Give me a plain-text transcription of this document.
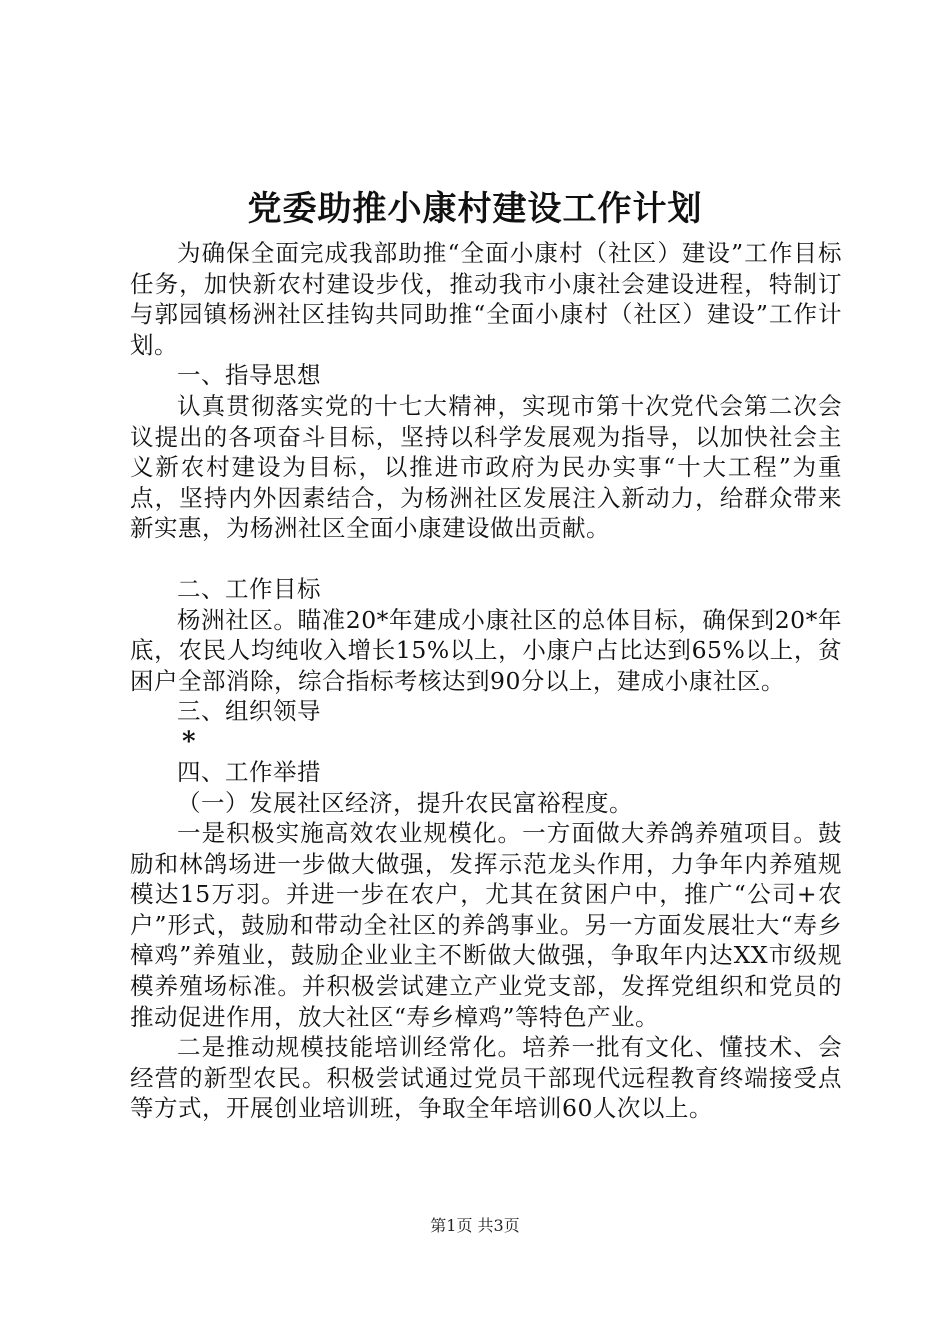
党委助推小康村建设工作计划

为确保全面完成我部助推“全面小康村（社区）建设”工作目标任务，加快新农村建设步伐，推动我市小康社会建设进程，特制订与郭园镇杨洲社区挂钩共同助推“全面小康村（社区）建设”工作计划。

一、指导思想

认真贯彻落实党的十七大精神，实现市第十次党代会第二次会议提出的各项奋斗目标，坚持以科学发展观为指导，以加快社会主义新农村建设为目标，以推进市政府为民办实事“十大工程”为重点，坚持内外因素结合，为杨洲社区发展注入新动力，给群众带来新实惠，为杨洲社区全面小康建设做出贡献。

二、工作目标

杨洲社区。瞄准20*年建成小康社区的总体目标，确保到20*年底，农民人均纯收入增长15%以上，小康户占比达到65%以上，贫困户全部消除，综合指标考核达到90分以上，建成小康社区。

三、组织领导

*

四、工作举措

（一）发展社区经济，提升农民富裕程度。

一是积极实施高效农业规模化。一方面做大养鸽养殖项目。鼓励和林鸽场进一步做大做强，发挥示范龙头作用，力争年内养殖规模达15万羽。并进一步在农户，尤其在贫困户中，推广“公司+农户”形式，鼓励和带动全社区的养鸽事业。另一方面发展壮大“寿乡樟鸡”养殖业，鼓励企业业主不断做大做强，争取年内达XX市级规模养殖场标准。并积极尝试建立产业党支部，发挥党组织和党员的推动促进作用，放大社区“寿乡樟鸡”等特色产业。

二是推动规模技能培训经常化。培养一批有文化、懂技术、会经营的新型农民。积极尝试通过党员干部现代远程教育终端接受点等方式，开展创业培训班，争取全年培训60人次以上。

第1页 共3页
